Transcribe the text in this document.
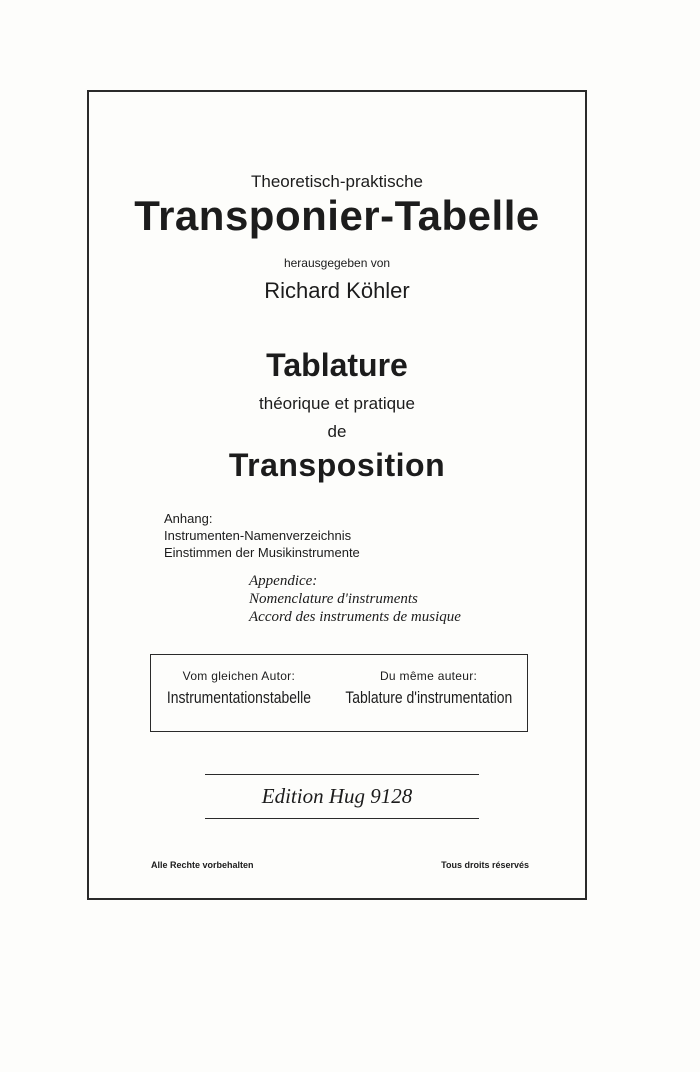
Theoretisch-praktische
Transponier-Tabelle
herausgegeben von
Richard Köhler
Tablature
théorique et pratique
de
Transposition
Anhang:
Instrumenten-Namenverzeichnis
Einstimmen der Musikinstrumente
Appendice:
Nomenclature d'instruments
Accord des instruments de musique
Vom gleichen Autor:
Instrumentationstabelle
Du même auteur:
Tablature d'instrumentation
Edition Hug 9128
Alle Rechte vorbehalten	Tous droits réservés
